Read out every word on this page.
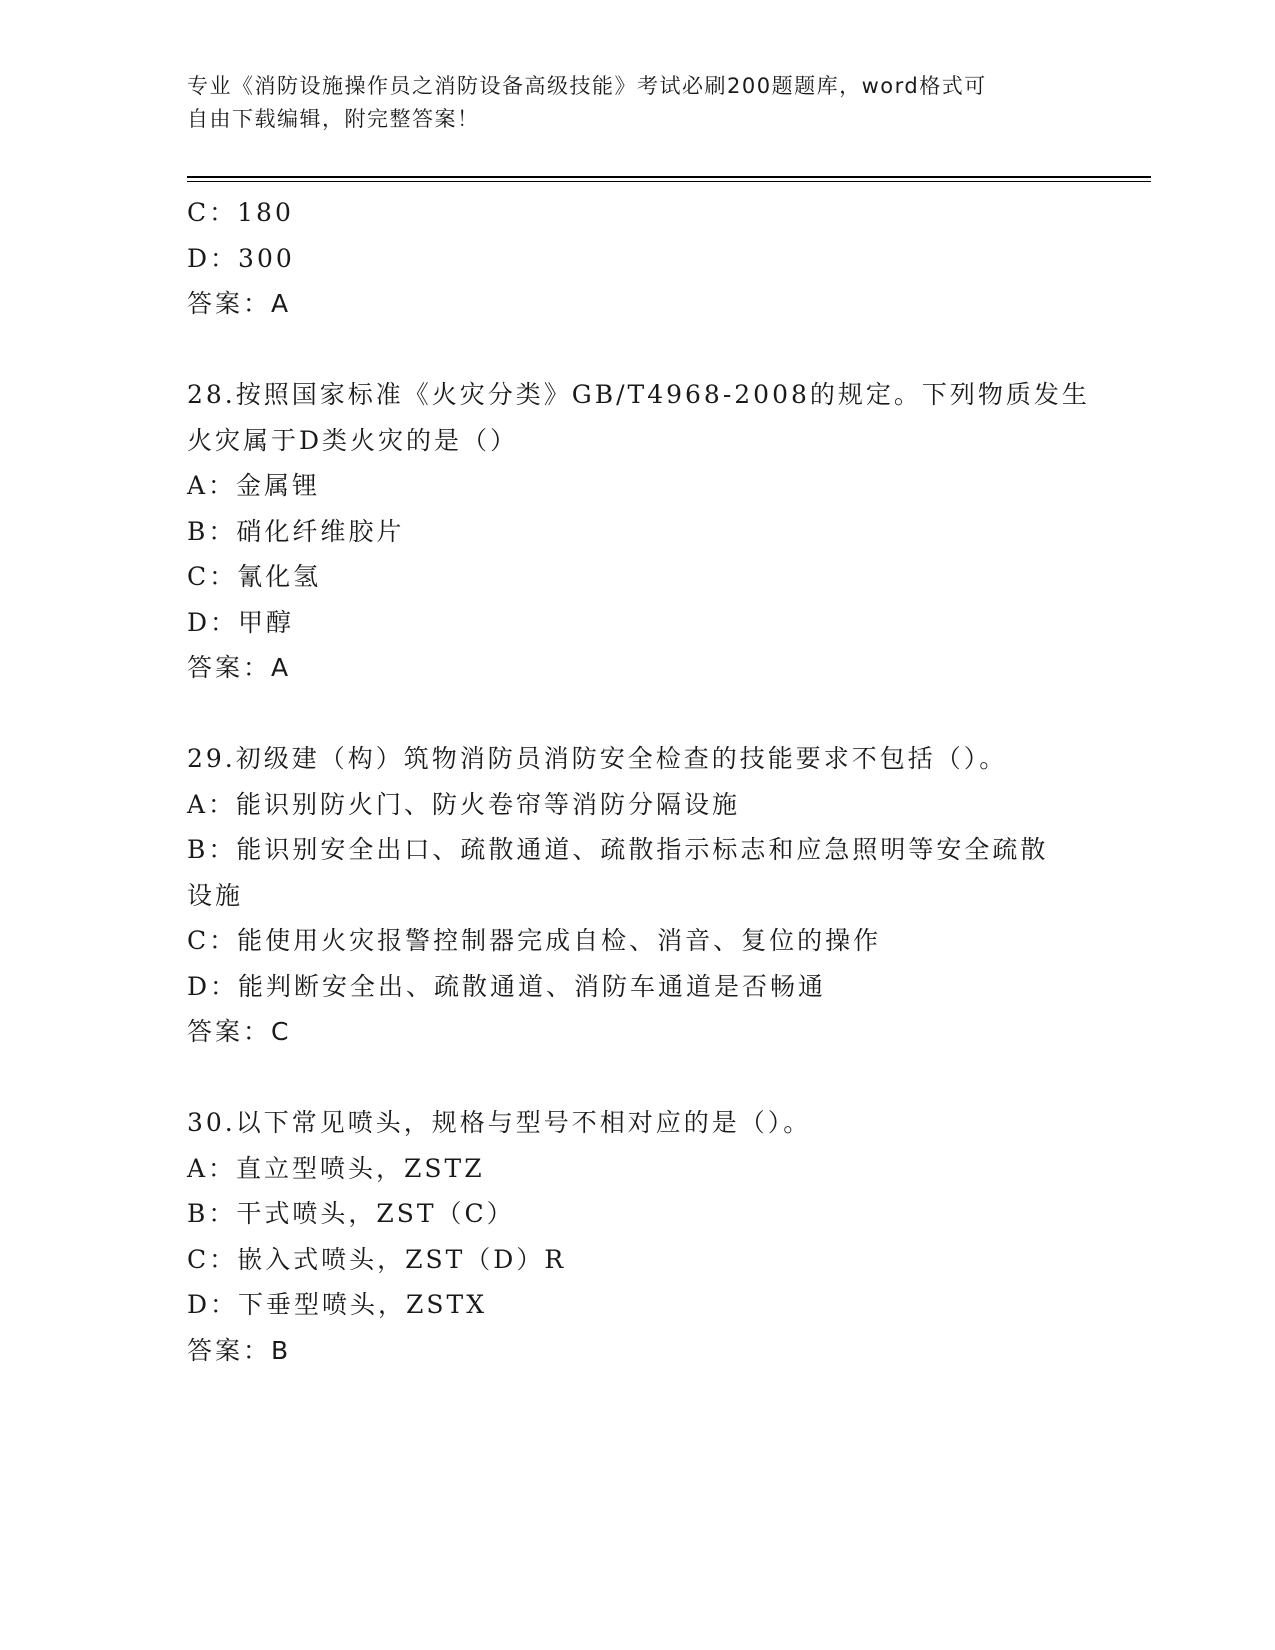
专业《消防设施操作员之消防设备高级技能》考试必刷200题题库，word格式可
自由下载编辑，附完整答案！
C：180
D：300
答案：A
28.按照国家标准《火灾分类》GB/T4968-2008的规定。下列物质发生
火灾属于D类火灾的是（）
A：金属锂
B：硝化纤维胶片
C：氰化氢
D：甲醇
答案：A
29.初级建（构）筑物消防员消防安全检查的技能要求不包括（）。
A：能识别防火门、防火卷帘等消防分隔设施
B：能识别安全出口、疏散通道、疏散指示标志和应急照明等安全疏散
设施
C：能使用火灾报警控制器完成自检、消音、复位的操作
D：能判断安全出、疏散通道、消防车通道是否畅通
答案：C
30.以下常见喷头，规格与型号不相对应的是（）。
A：直立型喷头，ZSTZ
B：干式喷头，ZST（C）
C：嵌入式喷头，ZST（D）R
D：下垂型喷头，ZSTX
答案：B
